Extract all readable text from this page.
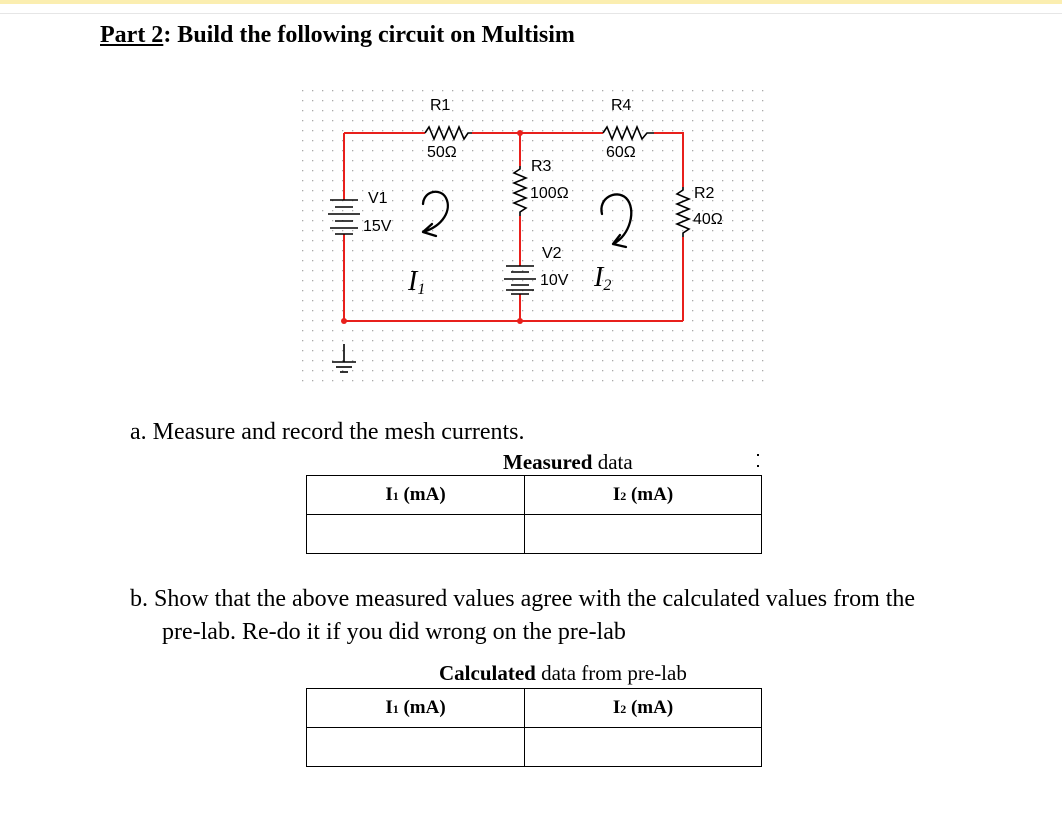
Part 2: Build the following circuit on Multisim
R1
50Ω
R4
60Ω
R3
100Ω
V1
15V
R2
40Ω
V2
10V
I1	I2
a. Measure and record the mesh currents.
Measured data
I1 (mA)	I2 (mA)

b. Show that the above measured values agree with the calculated values from the
pre-lab. Re-do it if you did wrong on the pre-lab
Calculated data from pre-lab
I1 (mA)	I2 (mA)
